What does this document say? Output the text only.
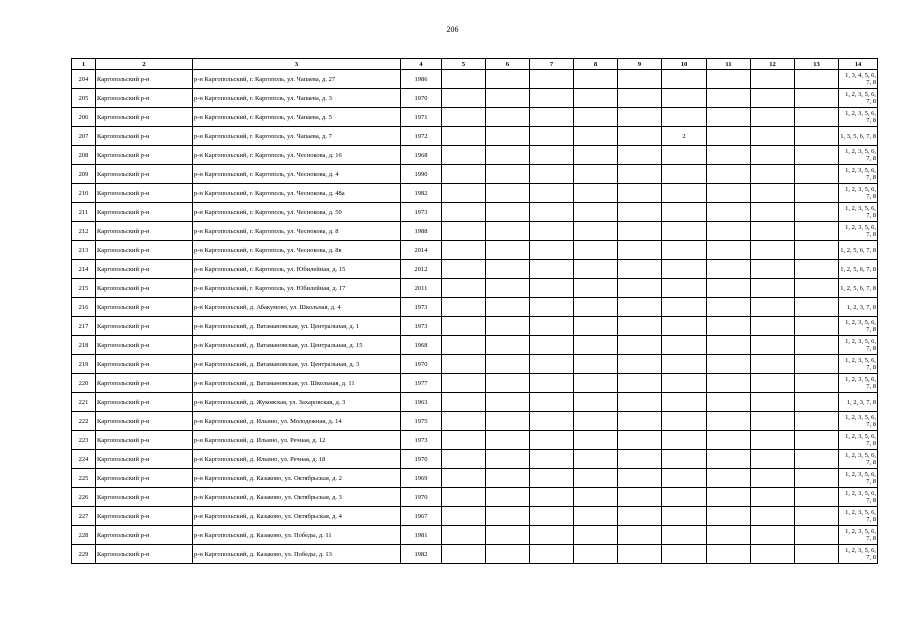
206
1	2	3	4	5	6	7	8	9	10	11	12	13	14
204	Каргопольский р-н	р-н Каргопольский, г. Каргополь, ул. Чапаева, д. 27	1986										1, 3, 4, 5, 6, 7, 8
205	Каргопольский р-н	р-н Каргопольский, г. Каргополь, ул. Чапаева, д. 3	1970										1, 2, 3, 5, 6, 7, 8
206	Каргопольский р-н	р-н Каргопольский, г. Каргополь, ул. Чапаева, д. 5	1971										1, 2, 3, 5, 6, 7, 8
207	Каргопольский р-н	р-н Каргопольский, г. Каргополь, ул. Чапаева, д. 7	1972						2				1, 3, 5, 6, 7, 8
208	Каргопольский р-н	р-н Каргопольский, г. Каргополь, ул. Чеснокова, д. 16	1968										1, 2, 3, 5, 6, 7, 8
209	Каргопольский р-н	р-н Каргопольский, г. Каргополь, ул. Чеснокова, д. 4	1990										1, 2, 3, 5, 6, 7, 8
210	Каргопольский р-н	р-н Каргопольский, г. Каргополь, ул. Чеснокова, д. 48а	1982										1, 2, 3, 5, 6, 7, 8
211	Каргопольский р-н	р-н Каргопольский, г. Каргополь, ул. Чеснокова, д. 50	1973										1, 2, 3, 5, 6, 7, 8
212	Каргопольский р-н	р-н Каргопольский, г. Каргополь, ул. Чеснокова, д. 8	1988										1, 2, 3, 5, 6, 7, 8
213	Каргопольский р-н	р-н Каргопольский, г. Каргополь, ул. Чеснокова, д. 8в	2014										1, 2, 5, 6, 7, 8
214	Каргопольский р-н	р-н Каргопольский, г. Каргополь, ул. Юбилейная, д. 15	2012										1, 2, 5, 6, 7, 8
215	Каргопольский р-н	р-н Каргопольский, г. Каргополь, ул. Юбилейная, д. 17	2011										1, 2, 5, 6, 7, 8
216	Каргопольский р-н	р-н Каргопольский, д. Абакумово, ул. Школьная, д. 4	1973										1, 2, 3, 7, 8
217	Каргопольский р-н	р-н Каргопольский, д. Ватамановская, ул. Центральная, д. 1	1973										1, 2, 3, 5, 6, 7, 8
218	Каргопольский р-н	р-н Каргопольский, д. Ватамановская, ул. Центральная, д. 15	1968										1, 2, 3, 5, 6, 7, 8
219	Каргопольский р-н	р-н Каргопольский, д. Ватамановская, ул. Центральная, д. 3	1970										1, 2, 3, 5, 6, 7, 8
220	Каргопольский р-н	р-н Каргопольский, д. Ватамановская, ул. Школьная, д. 11	1977										1, 2, 3, 5, 6, 7, 8
221	Каргопольский р-н	р-н Каргопольский, д. Жуковская, ул. Захаровская, д. 3	1963										1, 2, 3, 7, 8
222	Каргопольский р-н	р-н Каргопольский, д. Ильино, ул. Молодежная, д. 14	1975										1, 2, 3, 5, 6, 7, 8
223	Каргопольский р-н	р-н Каргопольский, д. Ильино, ул. Речная, д. 12	1973										1, 2, 3, 5, 6, 7, 8
224	Каргопольский р-н	р-н Каргопольский, д. Ильино, ул. Речная, д. 18	1970										1, 2, 3, 5, 6, 7, 8
225	Каргопольский р-н	р-н Каргопольский, д. Казаково, ул. Октябрьская, д. 2	1969										1, 2, 3, 5, 6, 7, 8
226	Каргопольский р-н	р-н Каргопольский, д. Казаково, ул. Октябрьская, д. 3	1970										1, 2, 3, 5, 6, 7, 8
227	Каргопольский р-н	р-н Каргопольский, д. Казаково, ул. Октябрьская, д. 4	1967										1, 2, 3, 5, 6, 7, 8
228	Каргопольский р-н	р-н Каргопольский, д. Казаково, ул. Победы, д. 11	1981										1, 2, 3, 5, 6, 7, 8
229	Каргопольский р-н	р-н Каргопольский, д. Казаково, ул. Победы, д. 13	1982										1, 2, 3, 5, 6, 7, 8
